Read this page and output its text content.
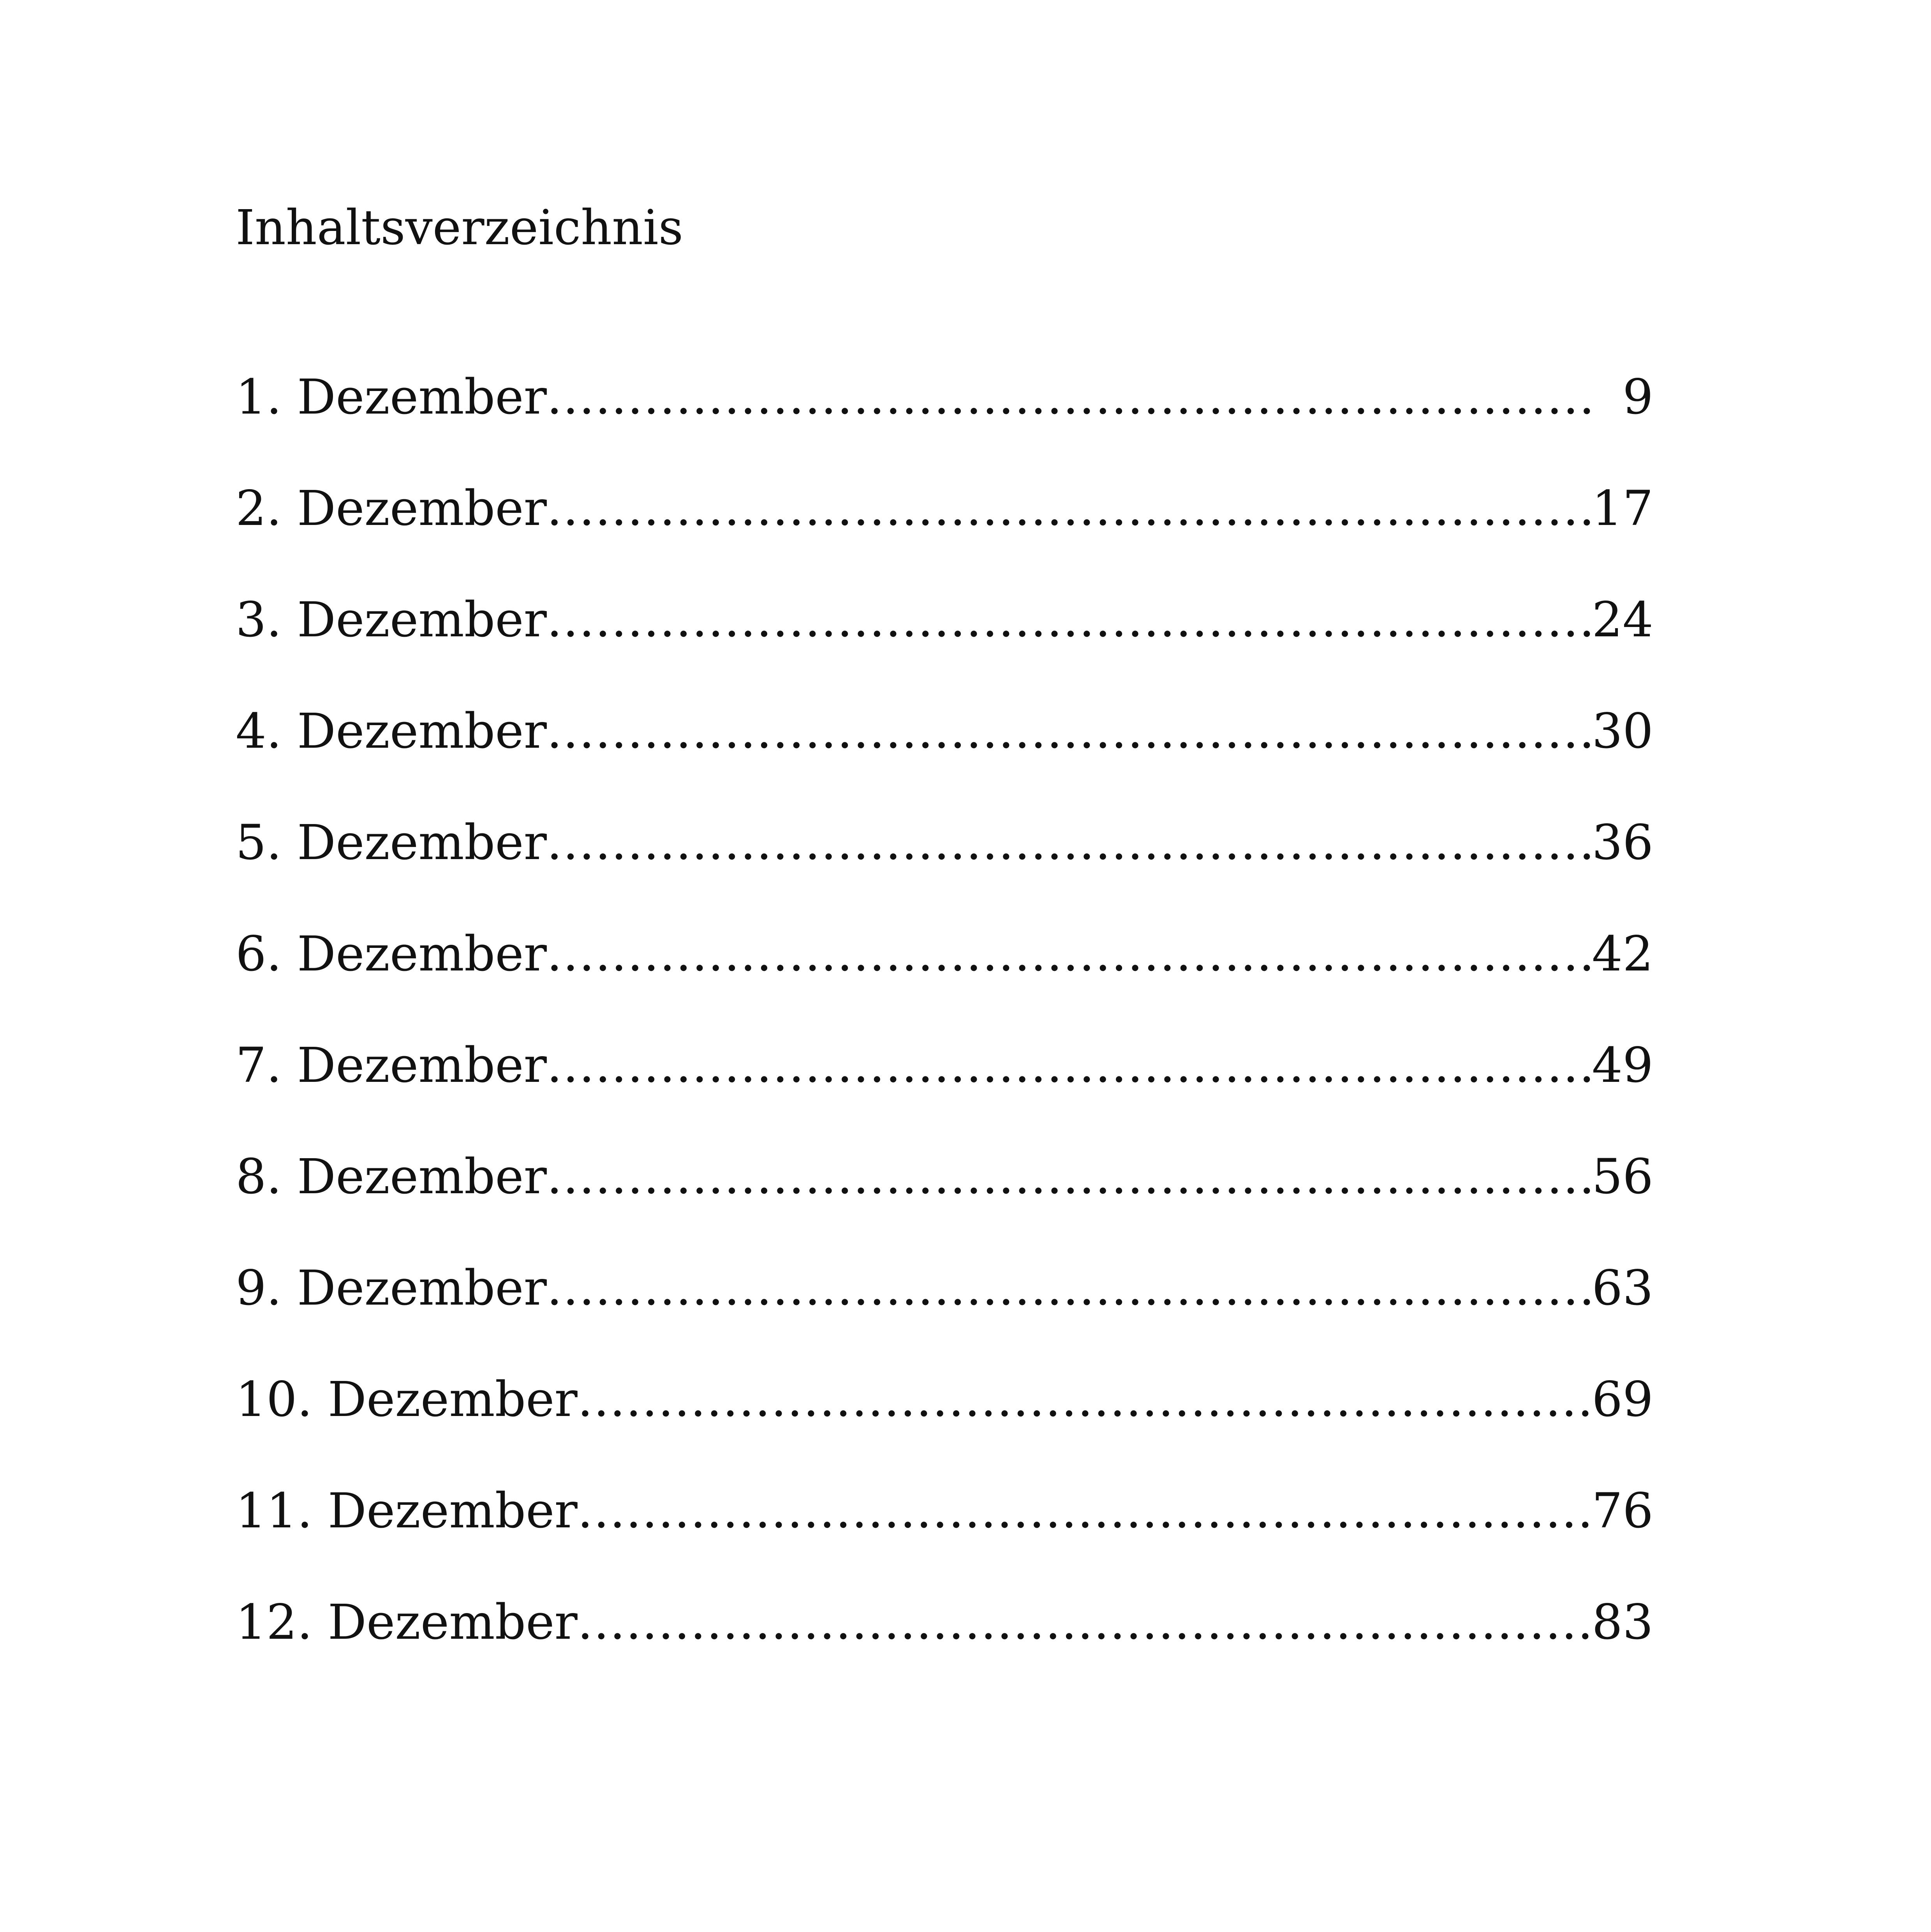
Inhaltsverzeichnis
1. Dezember .....	9
2. Dezember .....	17
3. Dezember .....	24
4. Dezember .....	30
5. Dezember .....	36
6. Dezember .....	42
7. Dezember .....	49
8. Dezember .....	56
9. Dezember .....	63
10. Dezember .....	69
11. Dezember .....	76
12. Dezember .....	83
